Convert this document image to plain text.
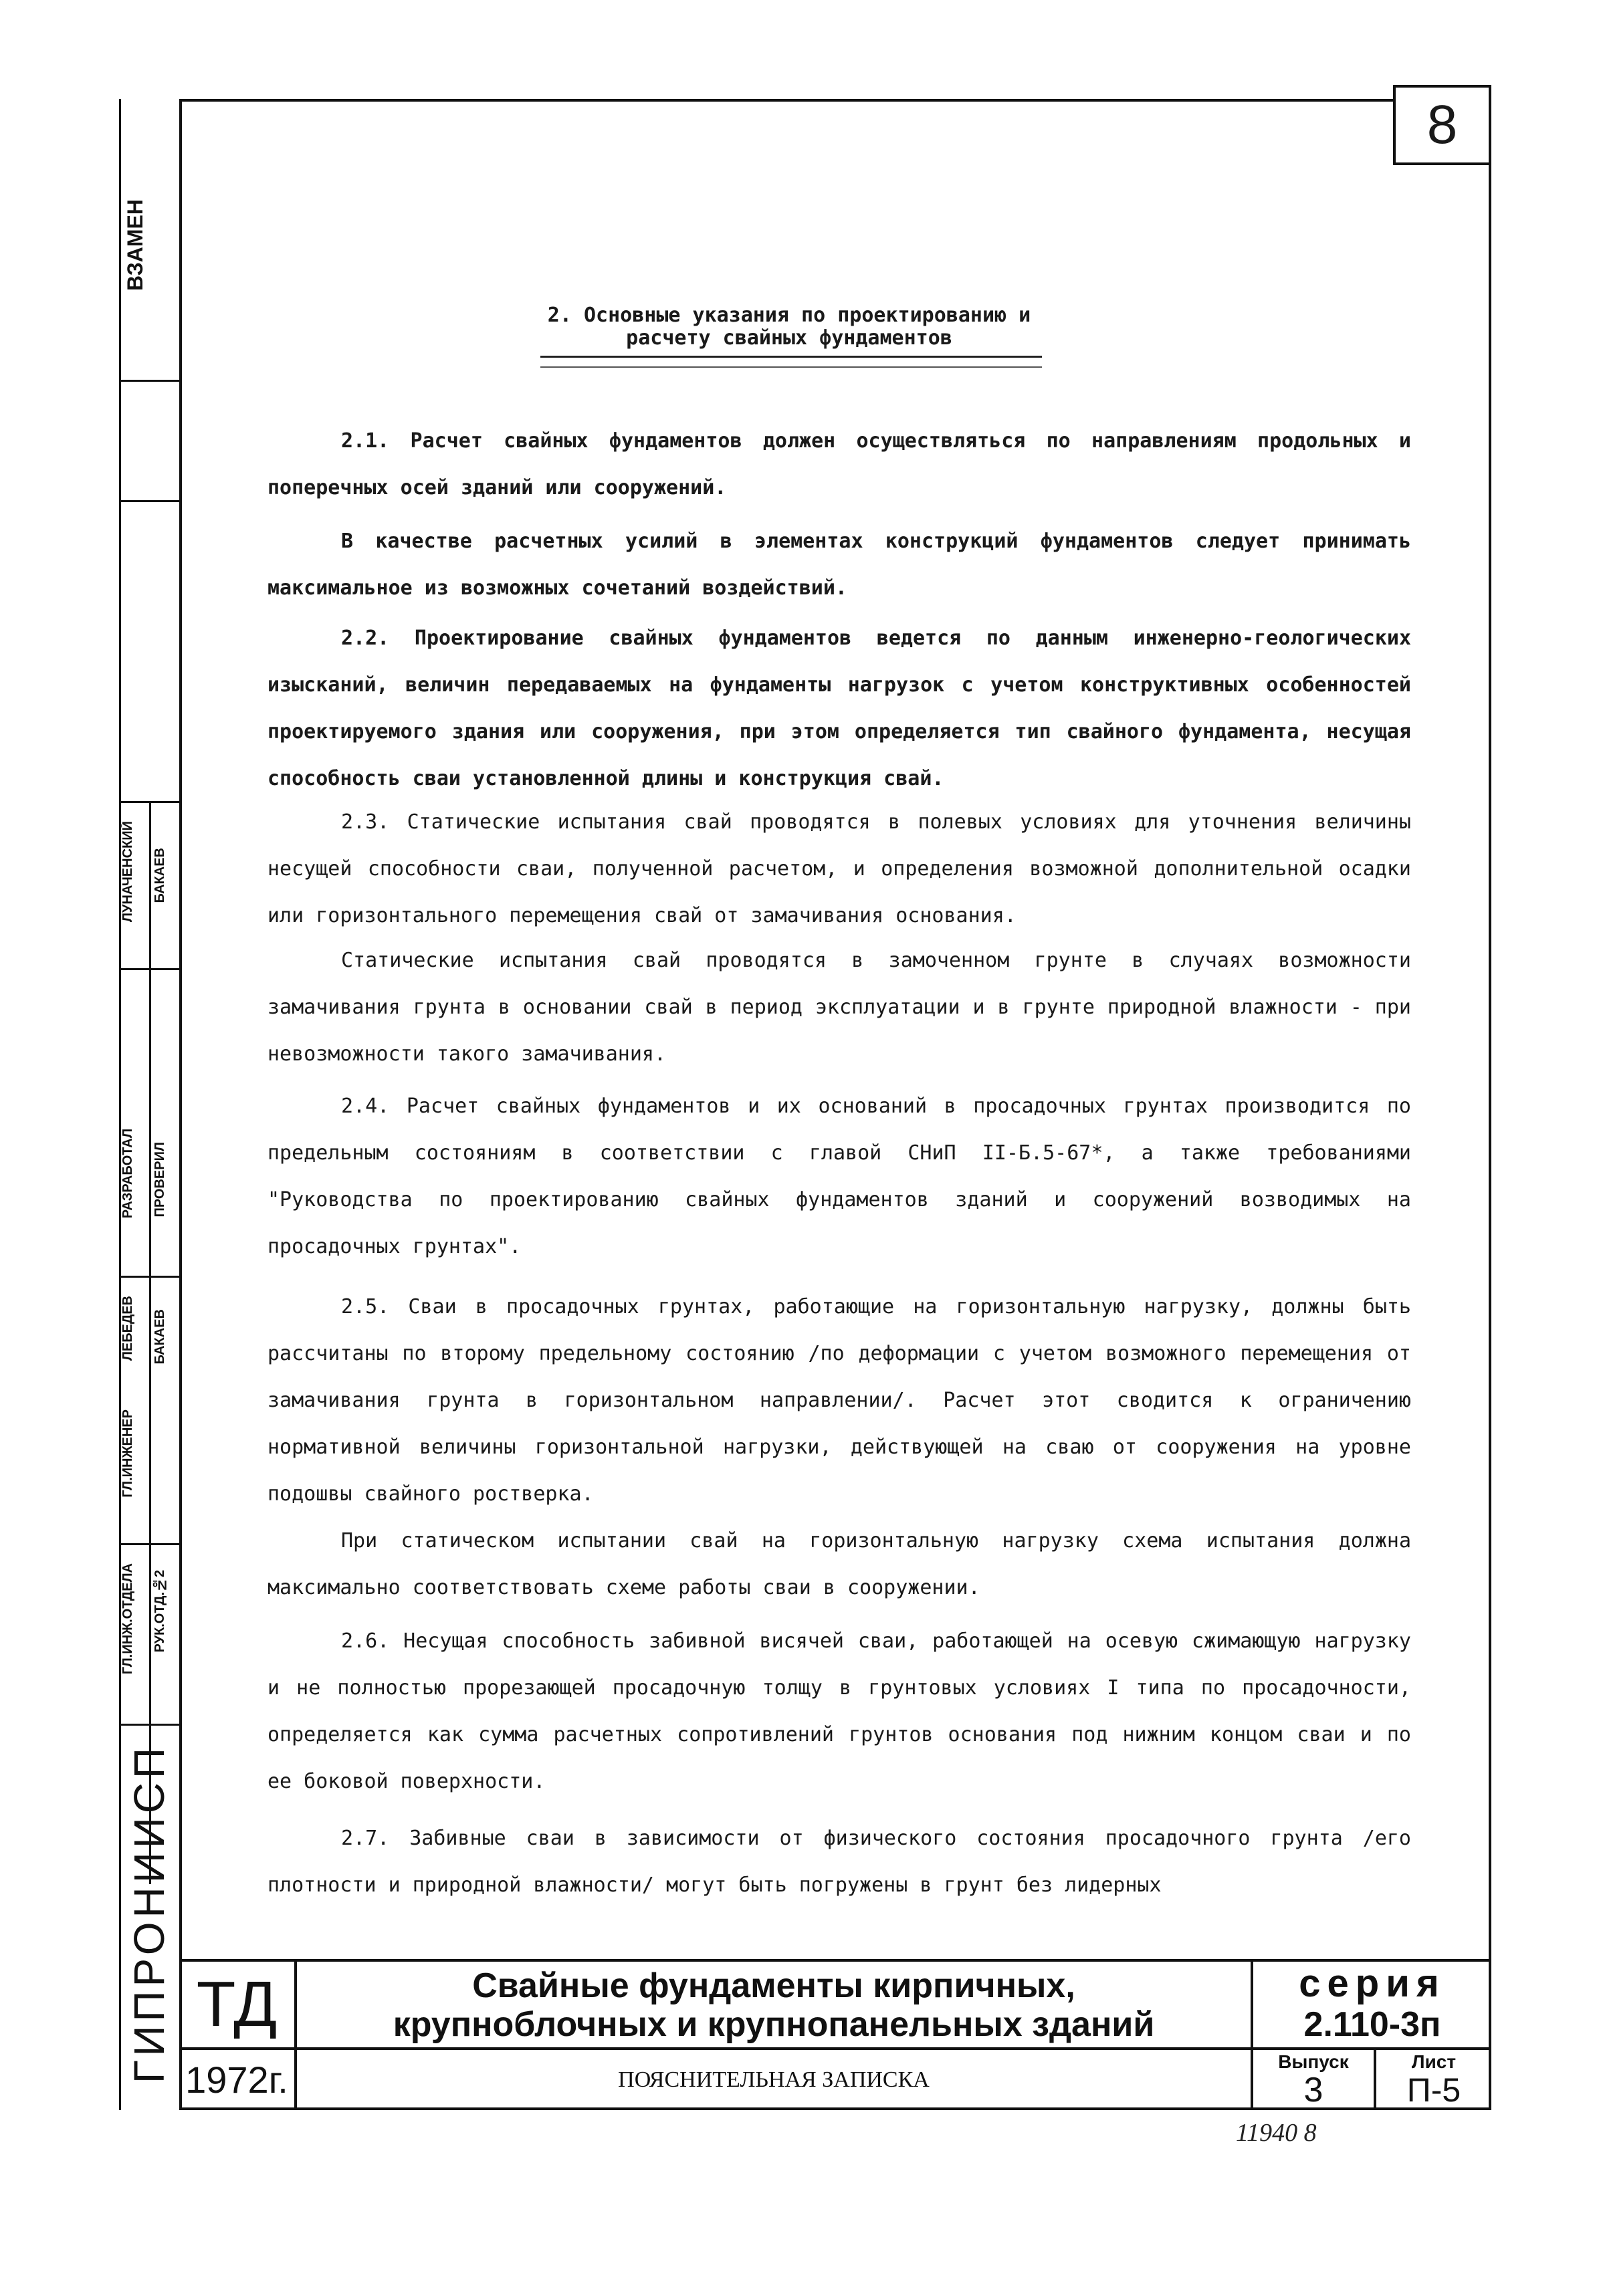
8
ВЗАМЕН
ЛУНАЧЕНСКИЙ БАКАЕВ
РАЗРАБОТАЛ ПРОВЕРИЛ
ЛЕБЕДЕВ БАКАЕВ
ГЛ.ИНЖЕНЕР
ГЛ.ИНЖ.ОТДЕЛА РУК.ОТД.№2
ГИПРОНИИСП
2. Основные указания по проектированию и
расчету свайных фундаментов
2.1. Расчет свайных фундаментов должен осуществляться по направлениям продольных и поперечных осей зданий или сооружений.
В качестве расчетных усилий в элементах конструкций фундаментов следует принимать максимальное из возможных сочетаний воздействий.
2.2. Проектирование свайных фундаментов ведется по данным инженерно-геологических изысканий, величин передаваемых на фундаменты нагрузок с учетом конструктивных особенностей проектируемого здания или сооружения, при этом определяется тип свайного фундамента, несущая способность сваи установленной длины и конструкция свай.
2.3. Статические испытания свай проводятся в полевых условиях для уточнения величины несущей способности сваи, полученной расчетом, и определения возможной дополнительной осадки или горизонтального перемещения свай от замачивания основания.
Статические испытания свай проводятся в замоченном грунте в случаях возможности замачивания грунта в основании свай в период эксплуатации и в грунте природной влажности - при невозможности такого замачивания.
2.4. Расчет свайных фундаментов и их оснований в просадочных грунтах производится по предельным состояниям в соответствии с главой СНиП II-Б.5-67*, а также требованиями "Руководства по проектированию свайных фундаментов зданий и сооружений возводимых на просадочных грунтах".
2.5. Сваи в просадочных грунтах, работающие на горизонтальную нагрузку, должны быть рассчитаны по второму предельному состоянию /по деформации с учетом возможного перемещения от замачивания грунта в горизонтальном направлении/. Расчет этот сводится к ограничению нормативной величины горизонтальной нагрузки, действующей на сваю от сооружения на уровне подошвы свайного ростверка.
При статическом испытании свай на горизонтальную нагрузку схема испытания должна максимально соответствовать схеме работы сваи в сооружении.
2.6. Несущая способность забивной висячей сваи, работающей на осевую сжимающую нагрузку и не полностью прорезающей просадочную толщу в грунтовых условиях I типа по просадочности, определяется как сумма расчетных сопротивлений грунтов основания под нижним концом сваи и по ее боковой поверхности.
2.7. Забивные сваи в зависимости от физического состояния просадочного грунта /его плотности и природной влажности/ могут быть погружены в грунт без лидерных
ТД
1972г.
Свайные фундаменты кирпичных,
крупноблочных и крупнопанельных зданий
ПОЯСНИТЕЛЬНАЯ ЗАПИСКА
серия
2.110-3п
Выпуск
3
Лист
П-5
11940 8
